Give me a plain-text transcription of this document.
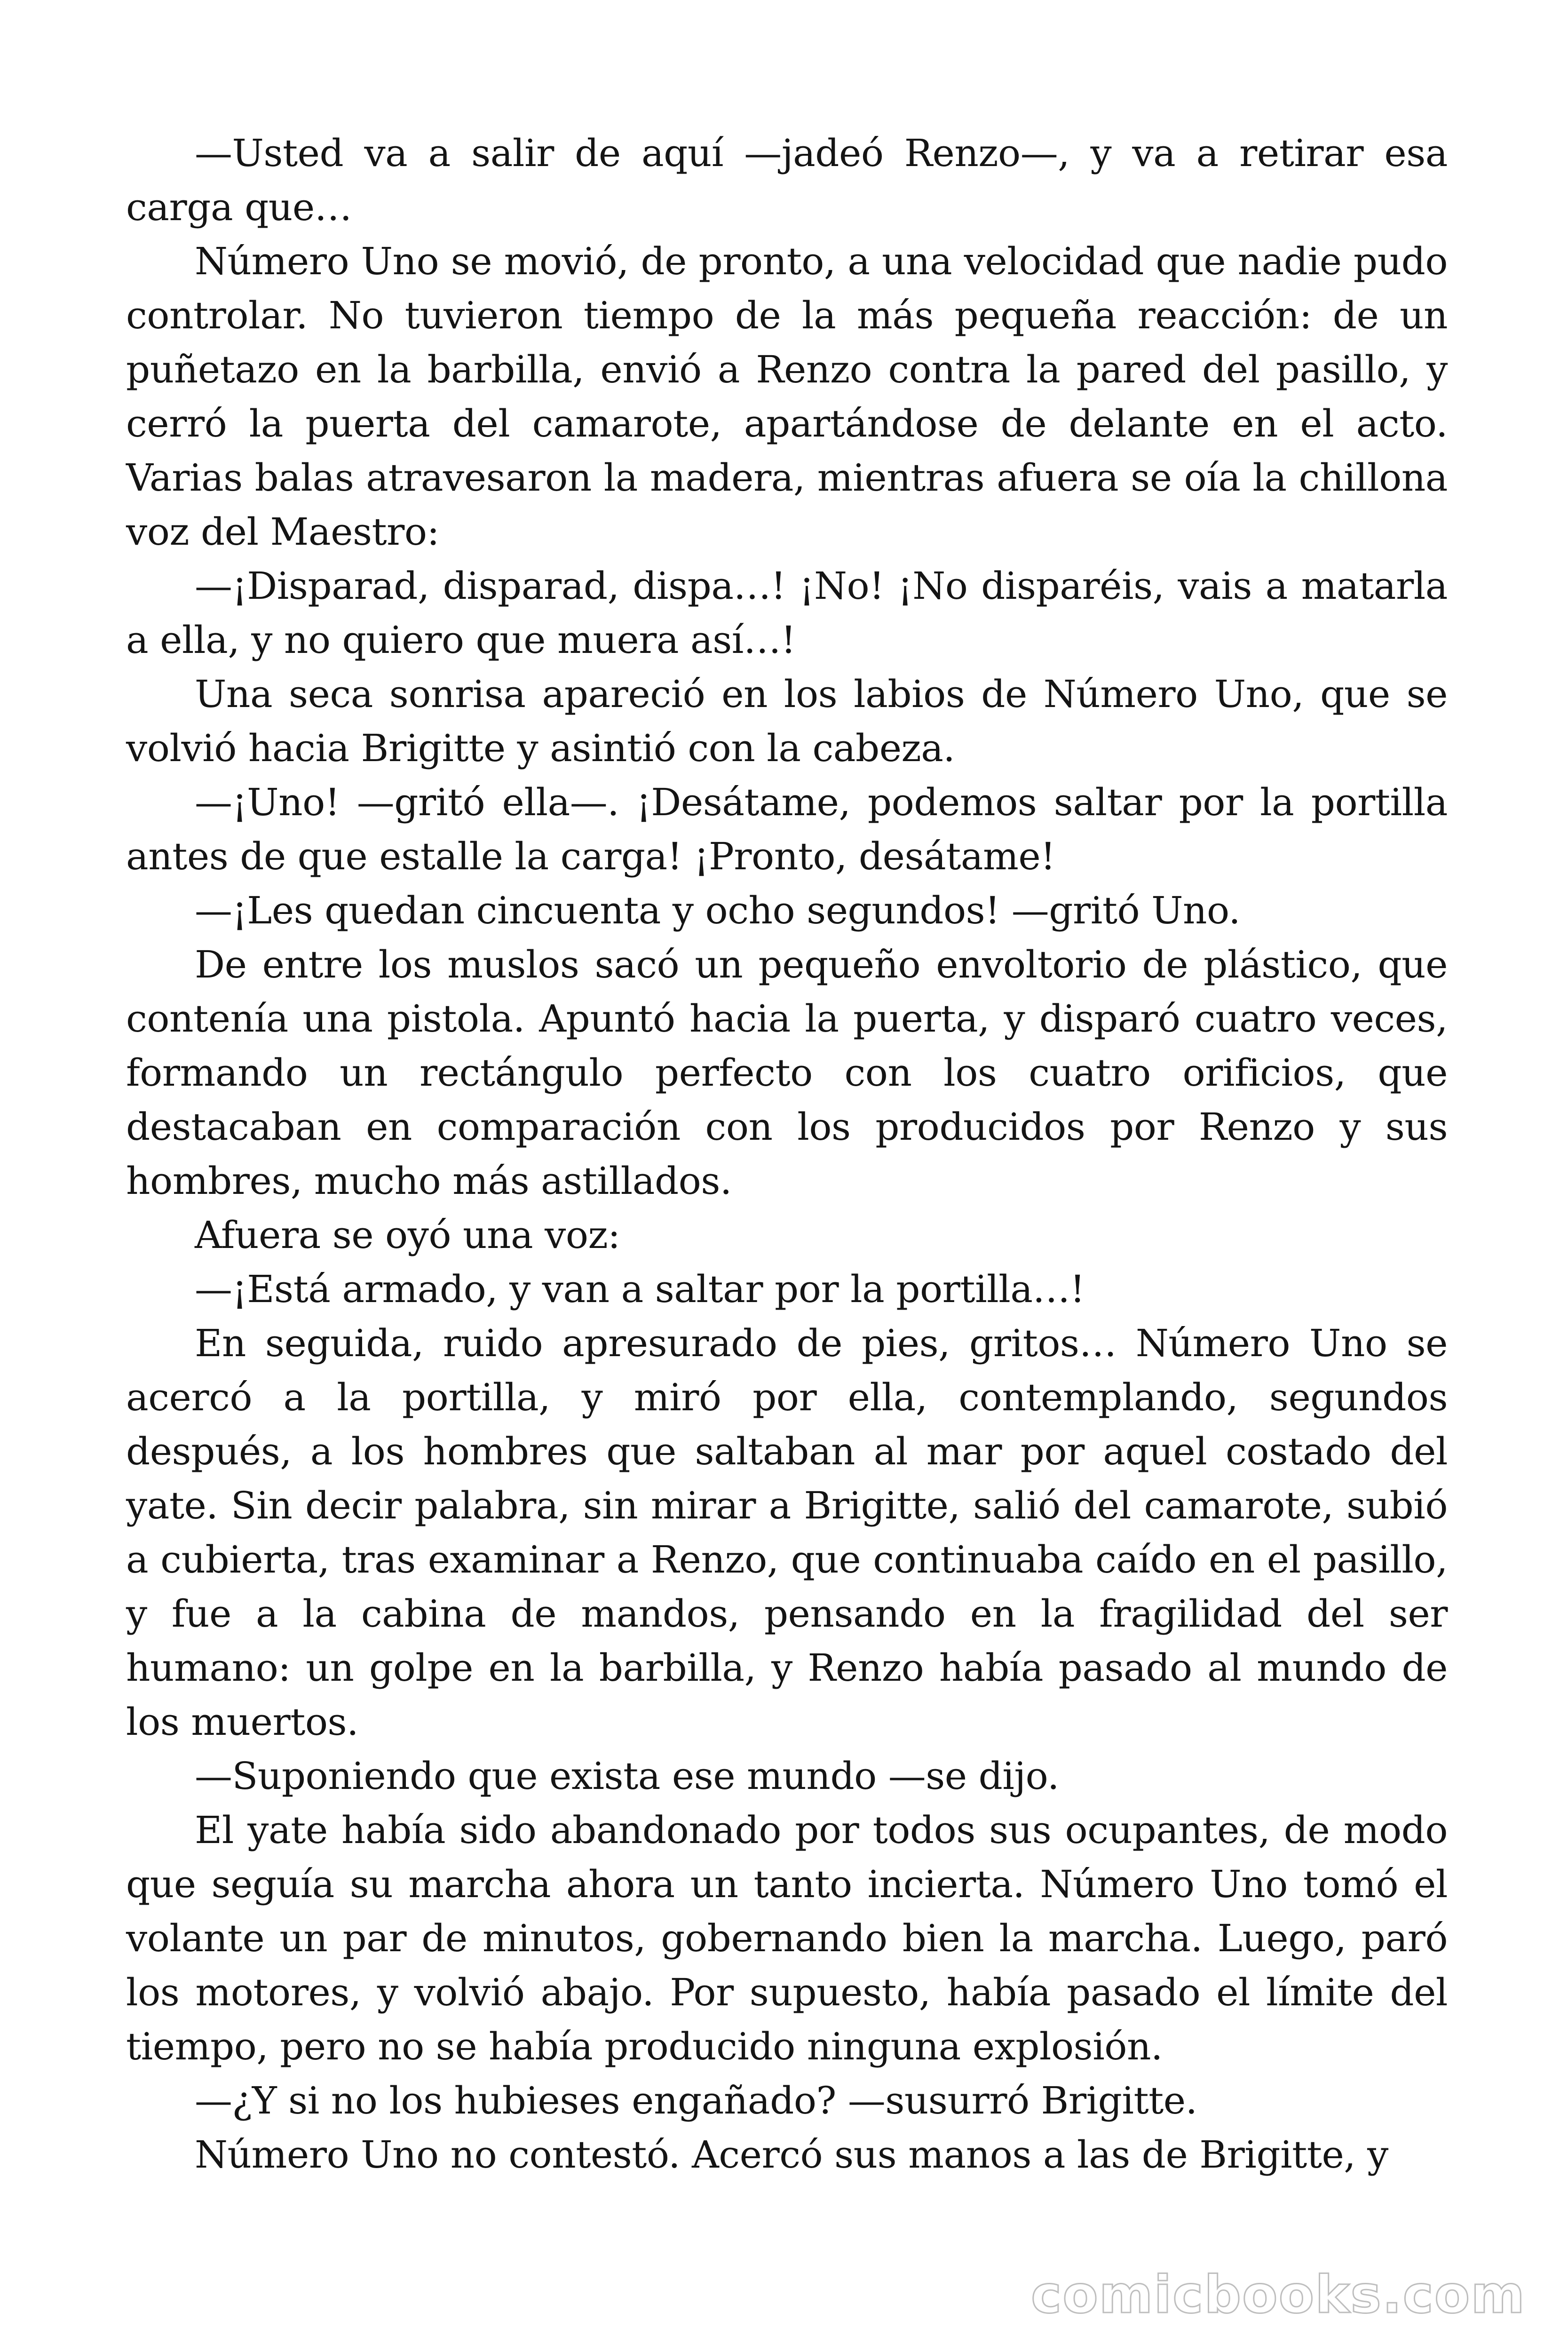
—Usted va a salir de aquí —jadeó Renzo—, y va a retirar esa carga que…

Número Uno se movió, de pronto, a una velocidad que nadie pudo controlar. No tuvieron tiempo de la más pequeña reacción: de un puñetazo en la barbilla, envió a Renzo contra la pared del pasillo, y cerró la puerta del camarote, apartándose de delante en el acto. Varias balas atravesaron la madera, mientras afuera se oía la chillona voz del Maestro:

—¡Disparad, disparad, dispa…! ¡No! ¡No disparéis, vais a matarla a ella, y no quiero que muera así…!

Una seca sonrisa apareció en los labios de Número Uno, que se volvió hacia Brigitte y asintió con la cabeza.

—¡Uno! —gritó ella—. ¡Desátame, podemos saltar por la portilla antes de que estalle la carga! ¡Pronto, desátame!

—¡Les quedan cincuenta y ocho segundos! —gritó Uno.

De entre los muslos sacó un pequeño envoltorio de plástico, que contenía una pistola. Apuntó hacia la puerta, y disparó cuatro veces, formando un rectángulo perfecto con los cuatro orificios, que destacaban en comparación con los producidos por Renzo y sus hombres, mucho más astillados.

Afuera se oyó una voz:

—¡Está armado, y van a saltar por la portilla…!

En seguida, ruido apresurado de pies, gritos… Número Uno se acercó a la portilla, y miró por ella, contemplando, segundos después, a los hombres que saltaban al mar por aquel costado del yate. Sin decir palabra, sin mirar a Brigitte, salió del camarote, subió a cubierta, tras examinar a Renzo, que continuaba caído en el pasillo, y fue a la cabina de mandos, pensando en la fragilidad del ser humano: un golpe en la barbilla, y Renzo había pasado al mundo de los muertos.

—Suponiendo que exista ese mundo —se dijo.

El yate había sido abandonado por todos sus ocupantes, de modo que seguía su marcha ahora un tanto incierta. Número Uno tomó el volante un par de minutos, gobernando bien la marcha. Luego, paró los motores, y volvió abajo. Por supuesto, había pasado el límite del tiempo, pero no se había producido ninguna explosión.

—¿Y si no los hubieses engañado? —susurró Brigitte.

Número Uno no contestó. Acercó sus manos a las de Brigitte, y

comicbooks.com
